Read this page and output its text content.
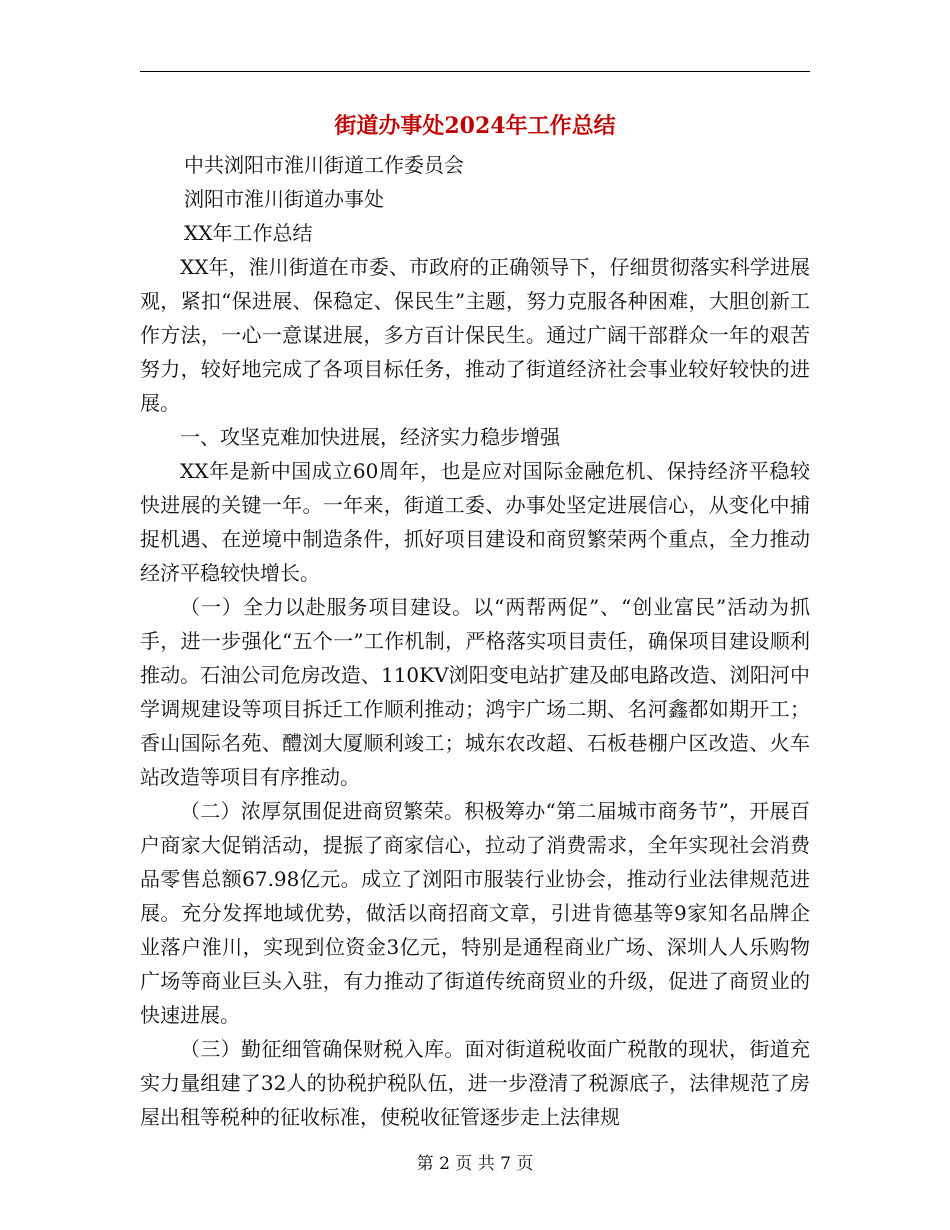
街道办事处2024年工作总结

中共浏阳市淮川街道工作委员会

浏阳市淮川街道办事处

XX年工作总结

XX年，淮川街道在市委、市政府的正确领导下，仔细贯彻落实科学进展观，紧扣“保进展、保稳定、保民生”主题，努力克服各种困难，大胆创新工作方法，一心一意谋进展，多方百计保民生。通过广阔干部群众一年的艰苦努力，较好地完成了各项目标任务，推动了街道经济社会事业较好较快的进展。

一、攻坚克难加快进展，经济实力稳步增强

XX年是新中国成立60周年，也是应对国际金融危机、保持经济平稳较快进展的关键一年。一年来，街道工委、办事处坚定进展信心，从变化中捕捉机遇、在逆境中制造条件，抓好项目建设和商贸繁荣两个重点，全力推动经济平稳较快增长。

（一）全力以赴服务项目建设。以“两帮两促”、“创业富民”活动为抓手，进一步强化“五个一”工作机制，严格落实项目责任，确保项目建设顺利推动。石油公司危房改造、110KV浏阳变电站扩建及邮电路改造、浏阳河中学调规建设等项目拆迁工作顺利推动；鸿宇广场二期、名河鑫都如期开工；香山国际名苑、醴浏大厦顺利竣工；城东农改超、石板巷棚户区改造、火车站改造等项目有序推动。

（二）浓厚氛围促进商贸繁荣。积极筹办“第二届城市商务节”，开展百户商家大促销活动，提振了商家信心，拉动了消费需求，全年实现社会消费品零售总额67.98亿元。成立了浏阳市服装行业协会，推动行业法律规范进展。充分发挥地域优势，做活以商招商文章，引进肯德基等9家知名品牌企业落户淮川，实现到位资金3亿元，特别是通程商业广场、深圳人人乐购物广场等商业巨头入驻，有力推动了街道传统商贸业的升级，促进了商贸业的快速进展。

（三）勤征细管确保财税入库。面对街道税收面广税散的现状，街道充实力量组建了32人的协税护税队伍，进一步澄清了税源底子，法律规范了房屋出租等税种的征收标准，使税收征管逐步走上法律规

第 2 页 共 7 页
